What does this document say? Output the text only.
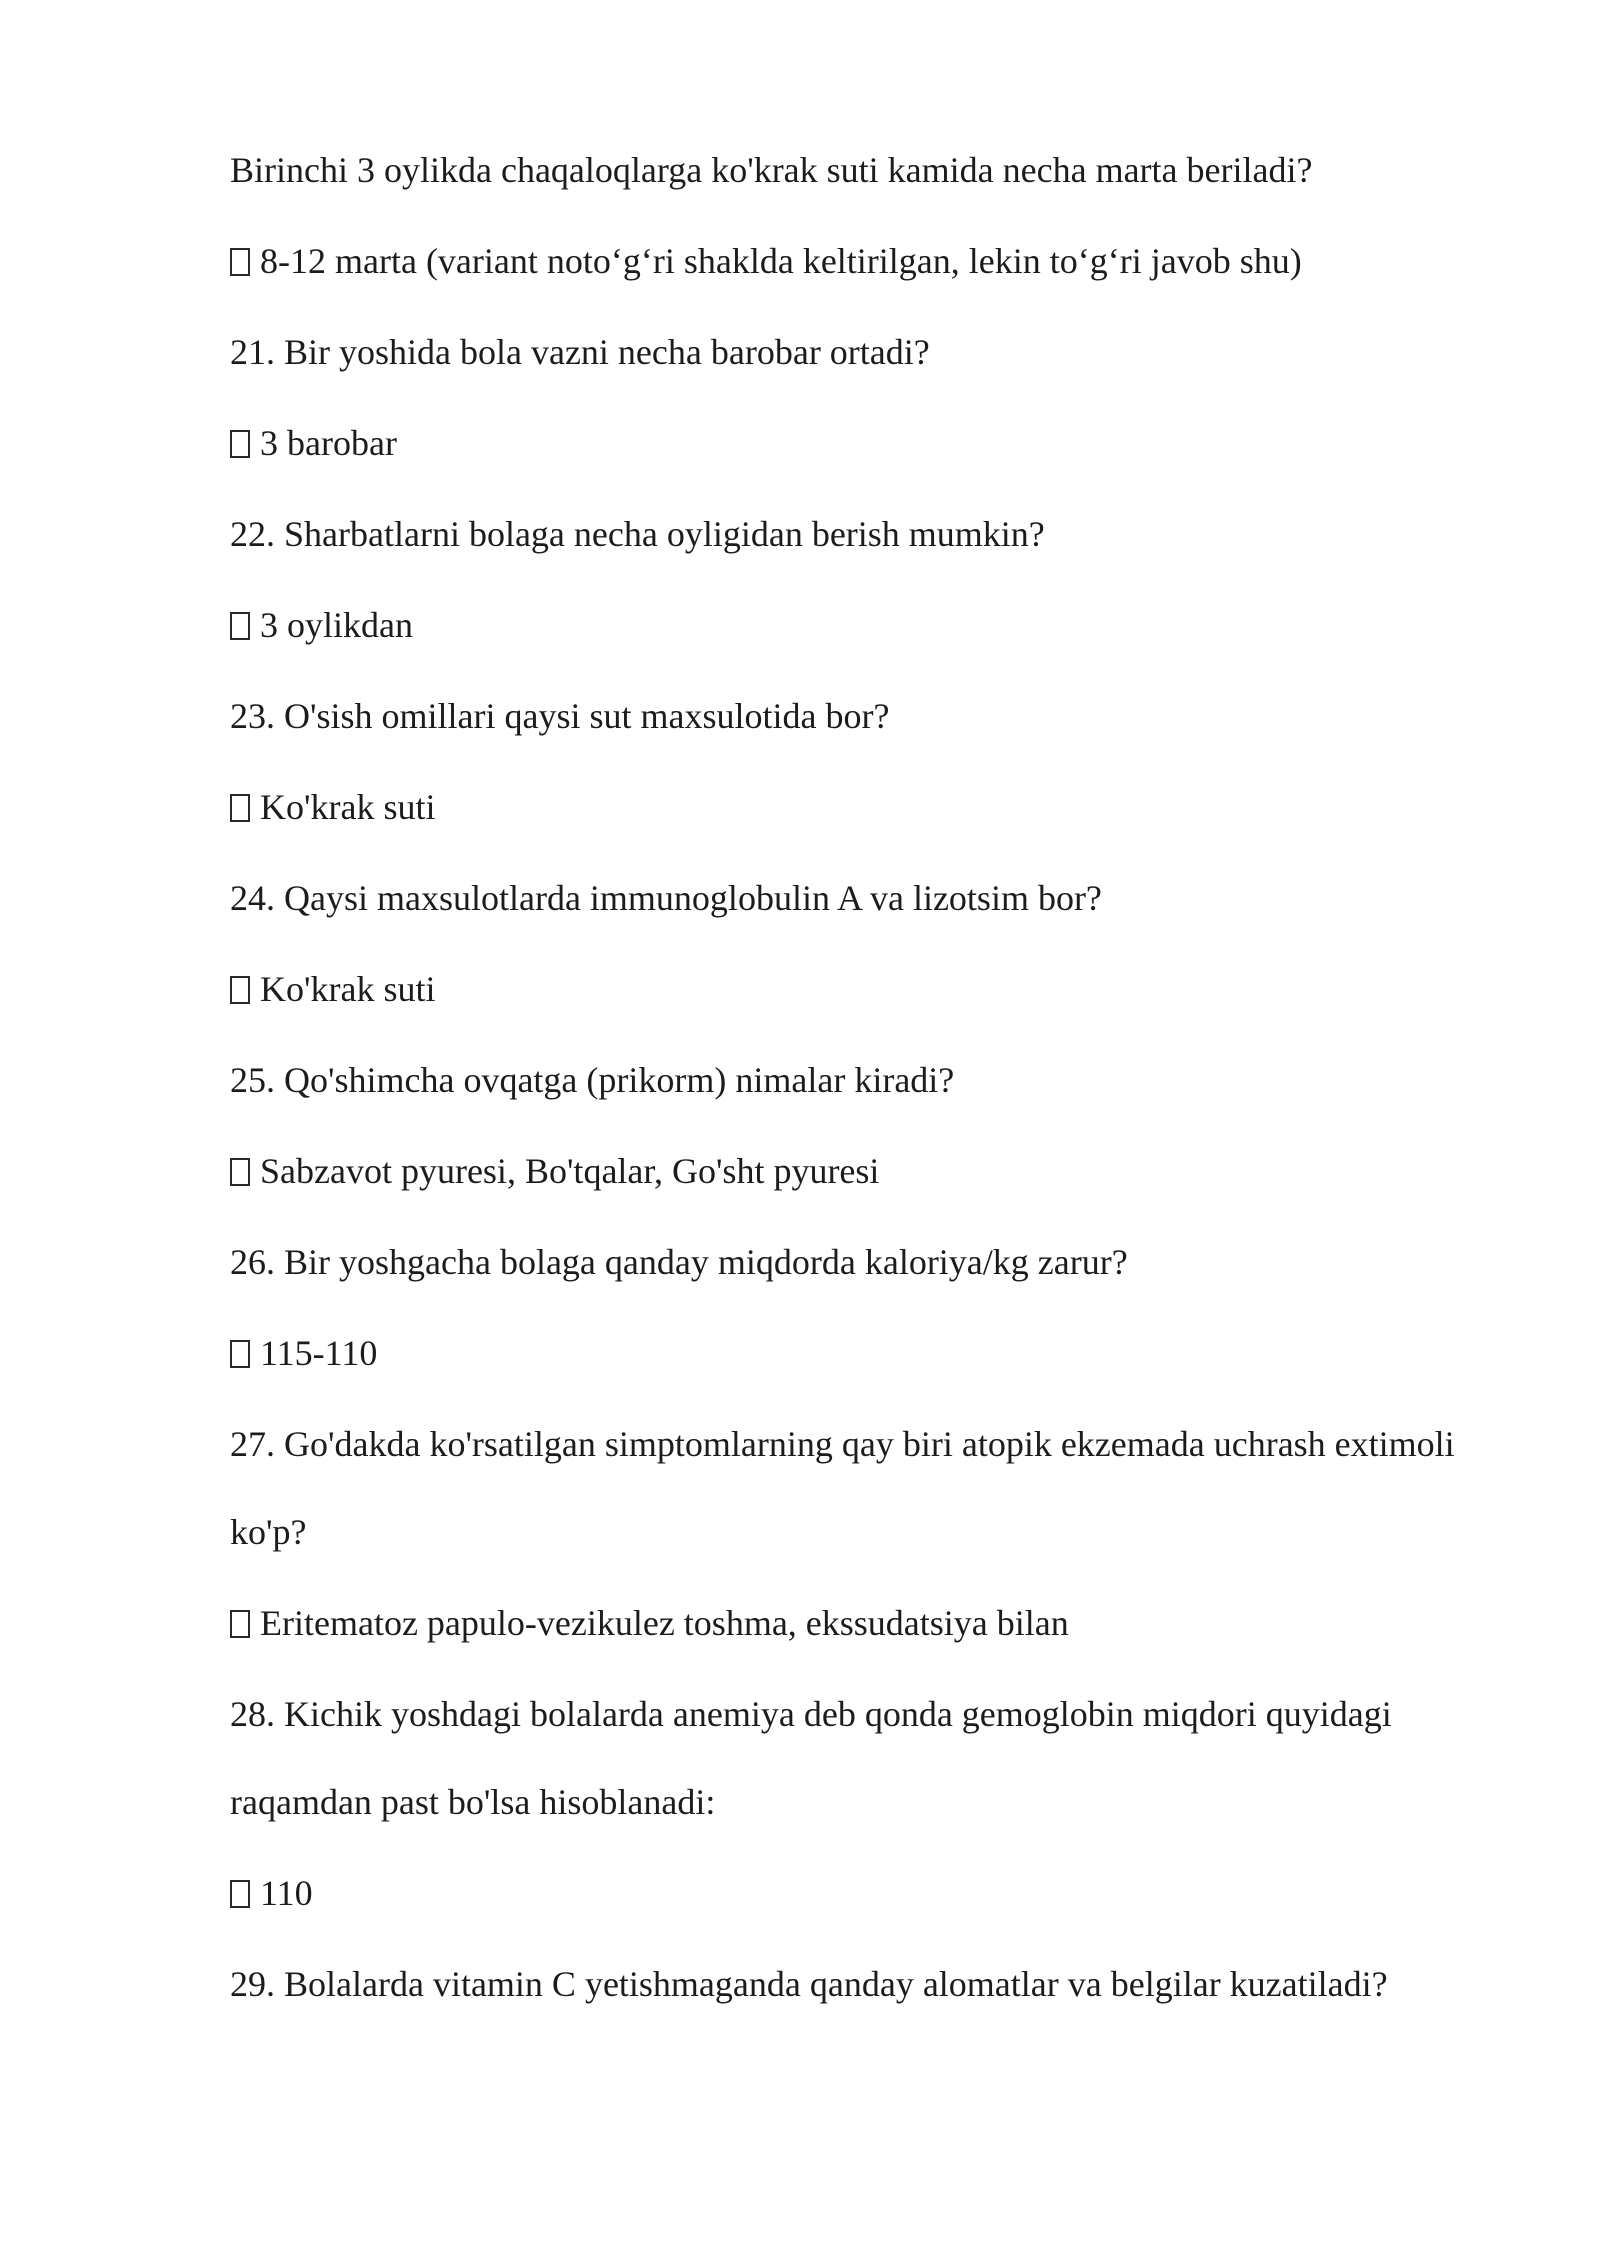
Birinchi 3 oylikda chaqaloqlarga ko'krak suti kamida necha marta beriladi?

8-12 marta (variant noto‘g‘ri shaklda keltirilgan, lekin to‘g‘ri javob shu)

21. Bir yoshida bola vazni necha barobar ortadi?

3 barobar

22. Sharbatlarni bolaga necha oyligidan berish mumkin?

3 oylikdan

23. O'sish omillari qaysi sut maxsulotida bor?

Ko'krak suti

24. Qaysi maxsulotlarda immunoglobulin A va lizotsim bor?

Ko'krak suti

25. Qo'shimcha ovqatga (prikorm) nimalar kiradi?

Sabzavot pyuresi, Bo'tqalar, Go'sht pyuresi

26. Bir yoshgacha bolaga qanday miqdorda kaloriya/kg zarur?

115-110

27. Go'dakda ko'rsatilgan simptomlarning qay biri atopik ekzemada uchrash extimoli ko'p?

Eritematoz papulo-vezikulez toshma, ekssudatsiya bilan

28. Kichik yoshdagi bolalarda anemiya deb qonda gemoglobin miqdori quyidagi raqamdan past bo'lsa hisoblanadi:

110

29. Bolalarda vitamin C yetishmaganda qanday alomatlar va belgilar kuzatiladi?
